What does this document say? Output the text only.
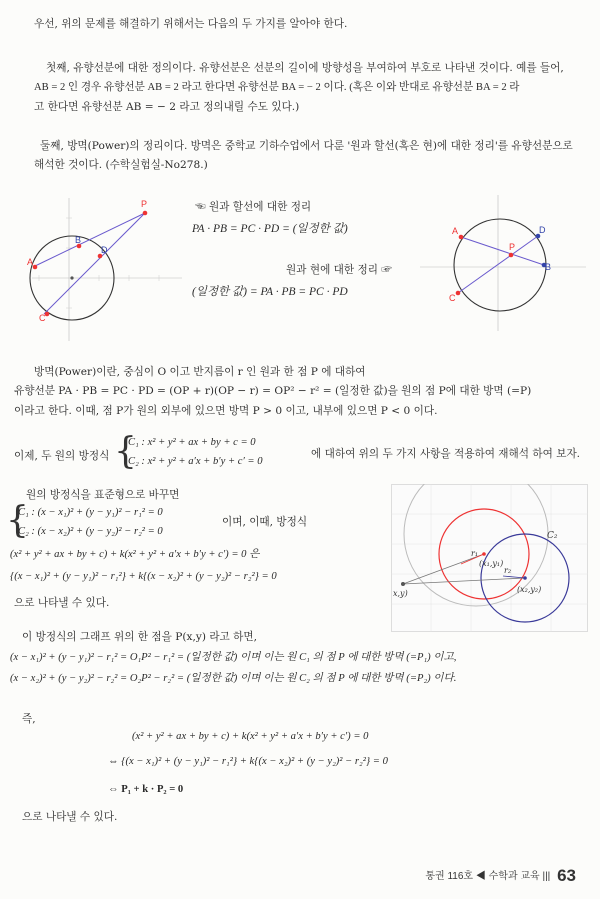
우선, 위의 문제를 해결하기 위해서는 다음의 두 가지를 알아야 한다.
첫째, 유향선분에 대한 정의이다. 유향선분은 선분의 길이에 방향성을 부여하여 부호로 나타낸 것이다. 예를 들어,
AB = 2 인 경우 유향선분 AB = 2 라고 한다면 유향선분 BA = − 2 이다. (혹은 이와 반대로 유향선분 BA = 2 라
고 한다면 유향선분 AB = − 2 라고 정의내릴 수도 있다.)
둘째, 방멱(Power)의 정리이다. 방멱은 중학교 기하수업에서 다룬 '원과 할선(혹은 현)에 대한 정리'를 유향선분으로
해석한 것이다. (수학실험실-No278.)
P
B
D
A
C
☜ 원과 할선에 대한 정리
PA · PB = PC · PD = (일정한 값)
원과 현에 대한 정리 ☞
(일정한 값) = PA · PB = PC · PD
A
P
D
B
C
방멱(Power)이란, 중심이 O 이고 반지름이 r 인 원과 한 점 P 에 대하여
유향선분 PA · PB = PC · PD = (OP + r)(OP − r) = OP² − r² = (일정한 값)을 원의 점 P에 대한 방멱 (=P)
이라고 한다. 이때, 점 P가 원의 외부에 있으면 방멱 P > 0 이고, 내부에 있으면 P < 0 이다.
이제, 두 원의 방정식 {
C₁ : x² + y² + ax + by + c = 0
C₂ : x² + y² + a′x + b′y + c′ = 0
에 대하여 위의 두 가지 사항을 적용하여 재해석 하여 보자.
원의 방정식을 표준형으로 바꾸면
{
C₁ : (x − x₁)² + (y − y₁)² − r₁² = 0
C₂ : (x − x₂)² + (y − y₂)² − r₂² = 0
이며, 이때, 방정식
(x² + y² + ax + by + c) + k(x² + y² + a′x + b′y + c′) = 0 은
{(x − x₁)² + (y − y₁)² − r₁²} + k{(x − x₂)² + (y − y₂)² − r₂²} = 0
으로 나타낼 수 있다.
C₂
r₁
r₂
(x₁,y₁)
(x₂,y₂)
x,y)
이 방정식의 그래프 위의 한 점을 P(x,y) 라고 하면,
(x − x₁)² + (y − y₁)² − r₁² = O₁P² − r₁² = (일정한 값) 이며 이는 원 C₁ 의 점 P 에 대한 방멱 (=P₁) 이고,
(x − x₂)² + (y − y₂)² − r₂² = O₂P² − r₂² = (일정한 값) 이며 이는 원 C₂ 의 점 P 에 대한 방멱 (=P₂) 이다.
즉,
(x² + y² + ax + by + c) + k(x² + y² + a′x + b′y + c′) = 0
⇔ {(x − x₁)² + (y − y₁)² − r₁²} + k{(x − x₂)² + (y − y₂)² − r₂²} = 0
⇔ P₁ + k · P₂ = 0
으로 나타낼 수 있다.
통권 116호 ◀ 수학과 교육 ||| 63
